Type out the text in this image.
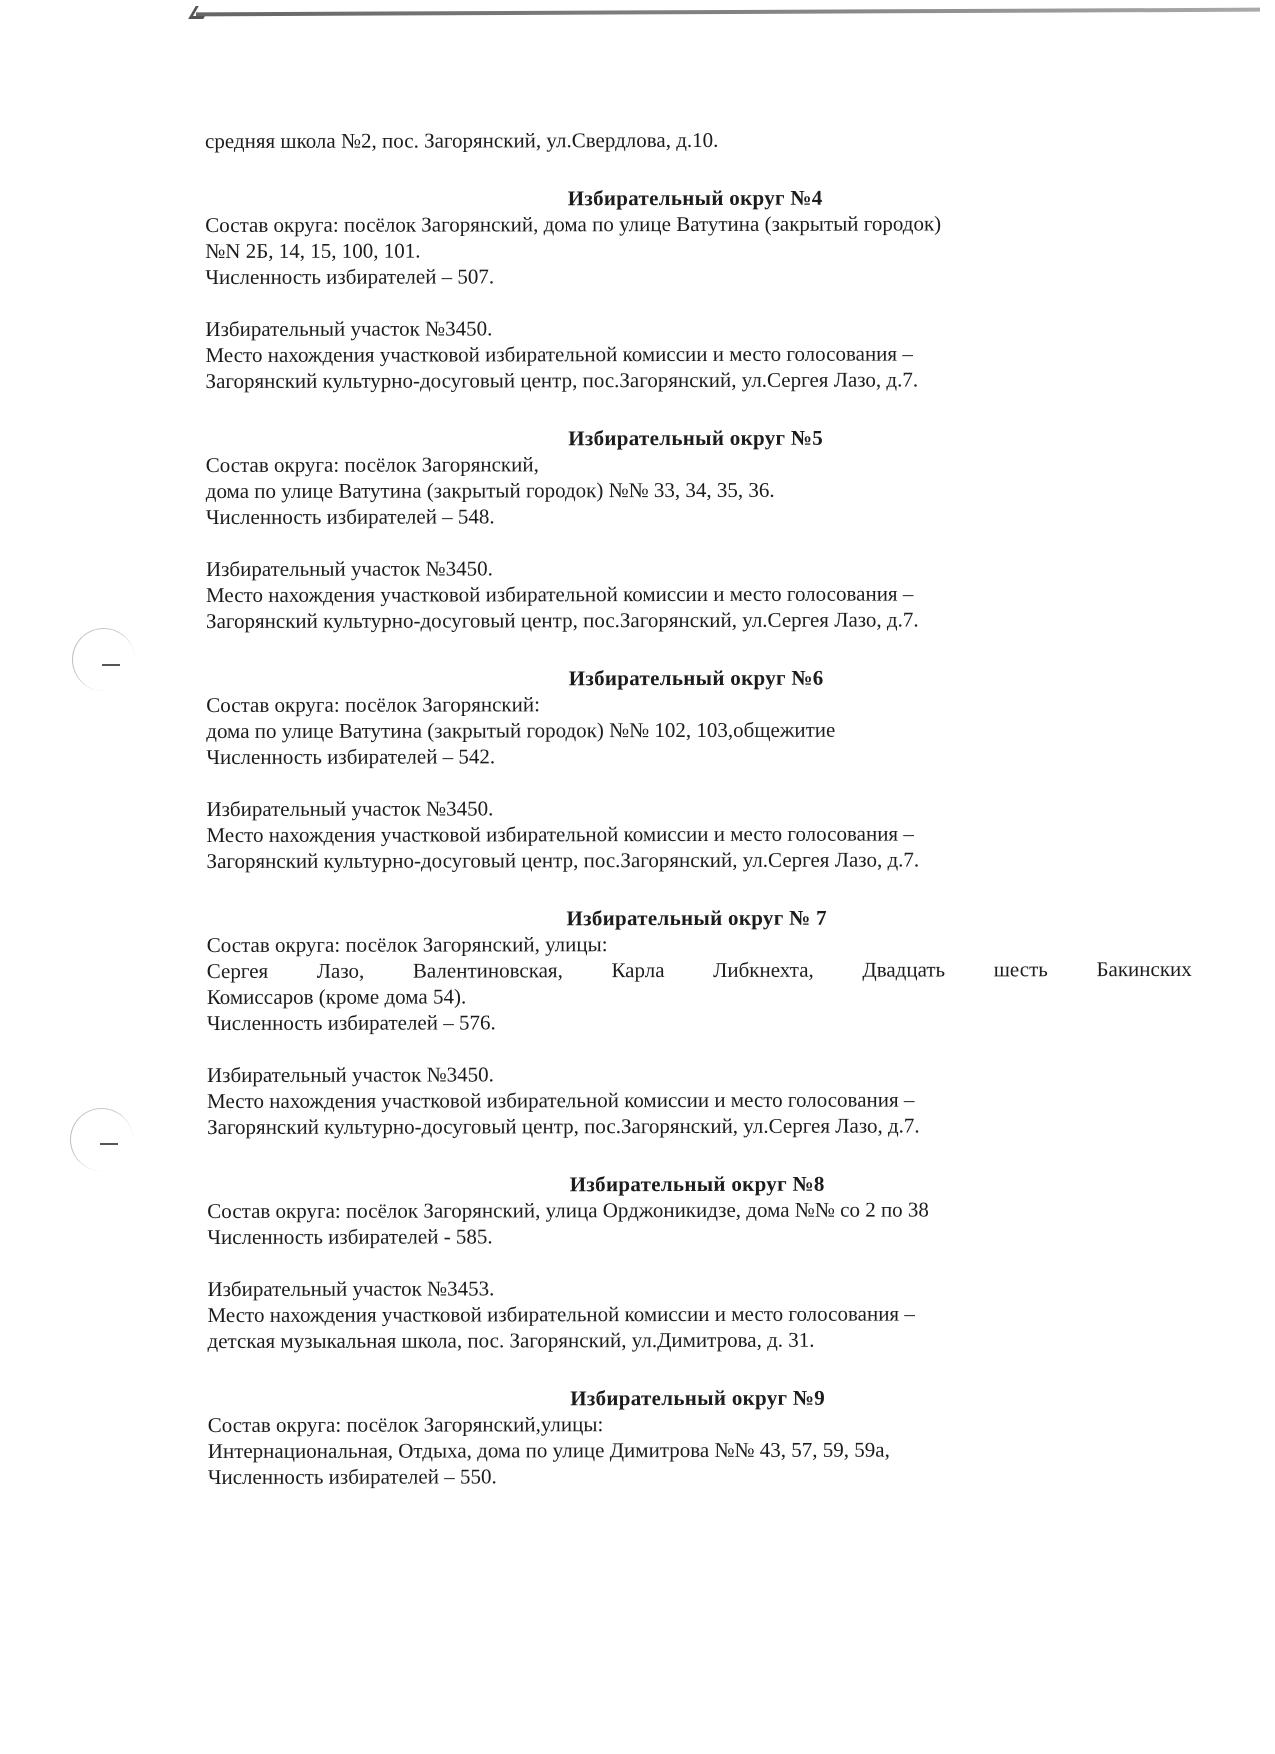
средняя школа №2, пос. Загорянский, ул.Свердлова, д.10.
Избирательный округ №4
Состав округа: посёлок Загорянский, дома по улице Ватутина (закрытый городок)
№N 2Б, 14, 15, 100, 101.
Численность избирателей – 507.
Избирательный участок №3450.
Место нахождения участковой избирательной комиссии и место голосования –
Загорянский культурно-досуговый центр, пос.Загорянский, ул.Сергея Лазо, д.7.
Избирательный округ №5
Состав округа: посёлок Загорянский,
дома по улице Ватутина (закрытый городок) №№ 33, 34, 35, 36.
Численность избирателей – 548.
Избирательный участок №3450.
Место нахождения участковой избирательной комиссии и место голосования –
Загорянский культурно-досуговый центр, пос.Загорянский, ул.Сергея Лазо, д.7.
Избирательный округ №6
Состав округа: посёлок Загорянский:
дома по улице Ватутина (закрытый городок) №№ 102, 103,общежитие
Численность избирателей – 542.
Избирательный участок №3450.
Место нахождения участковой избирательной комиссии и место голосования –
Загорянский культурно-досуговый центр, пос.Загорянский, ул.Сергея Лазо, д.7.
Избирательный округ № 7
Состав округа: посёлок Загорянский, улицы:
Сергея Лазо, Валентиновская, Карла Либкнехта, Двадцать шесть Бакинских
Комиссаров (кроме дома 54).
Численность избирателей – 576.
Избирательный участок №3450.
Место нахождения участковой избирательной комиссии и место голосования –
Загорянский культурно-досуговый центр, пос.Загорянский, ул.Сергея Лазо, д.7.
Избирательный округ №8
Состав округа: посёлок Загорянский, улица Орджоникидзе, дома №№ со 2 по 38
Численность избирателей - 585.
Избирательный участок №3453.
Место нахождения участковой избирательной комиссии и место голосования –
детская музыкальная школа, пос. Загорянский, ул.Димитрова, д. 31.
Избирательный округ №9
Состав округа: посёлок Загорянский,улицы:
Интернациональная, Отдыха, дома по улице Димитрова №№ 43, 57, 59, 59а,
Численность избирателей – 550.
